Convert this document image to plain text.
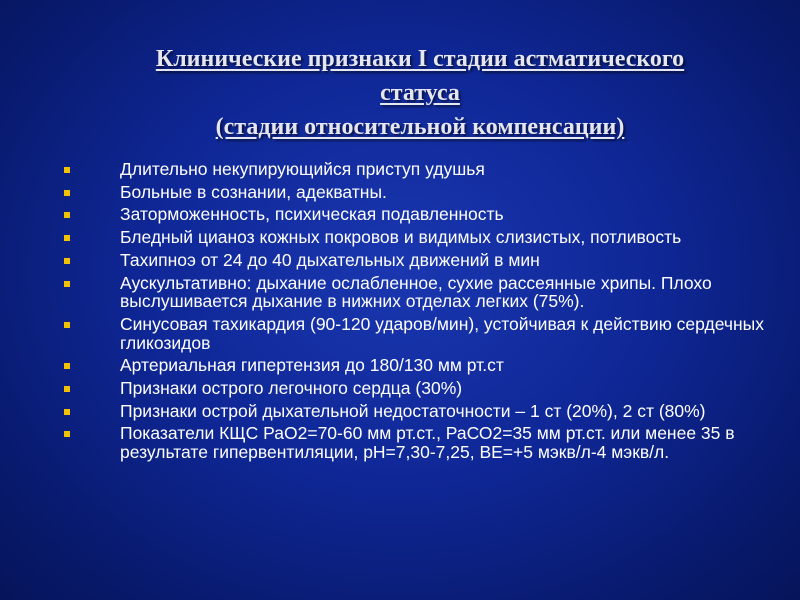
Клинические признаки I стадии астматического
статуса
(стадии относительной компенсации)
Длительно некупирующийся приступ удушья
Больные в сознании, адекватны.
Заторможенность, психическая подавленность
Бледный цианоз кожных покровов и видимых слизистых, потливость
Тахипноэ от 24 до 40 дыхательных движений в мин
Аускультативно: дыхание ослабленное, сухие рассеянные хрипы. Плохо выслушивается дыхание в нижних отделах легких (75%).
Синусовая тахикардия (90-120 ударов/мин), устойчивая к действию сердечных гликозидов
Артериальная гипертензия до 180/130 мм рт.ст
Признаки острого легочного сердца (30%)
Признаки острой дыхательной недостаточности – 1 ст (20%), 2 ст (80%)
Показатели КЩС РаО2=70-60 мм рт.ст., РаСО2=35 мм рт.ст. или менее 35 в результате гипервентиляции, рН=7,30-7,25, ВЕ=+5 мэкв/л-4 мэкв/л.
